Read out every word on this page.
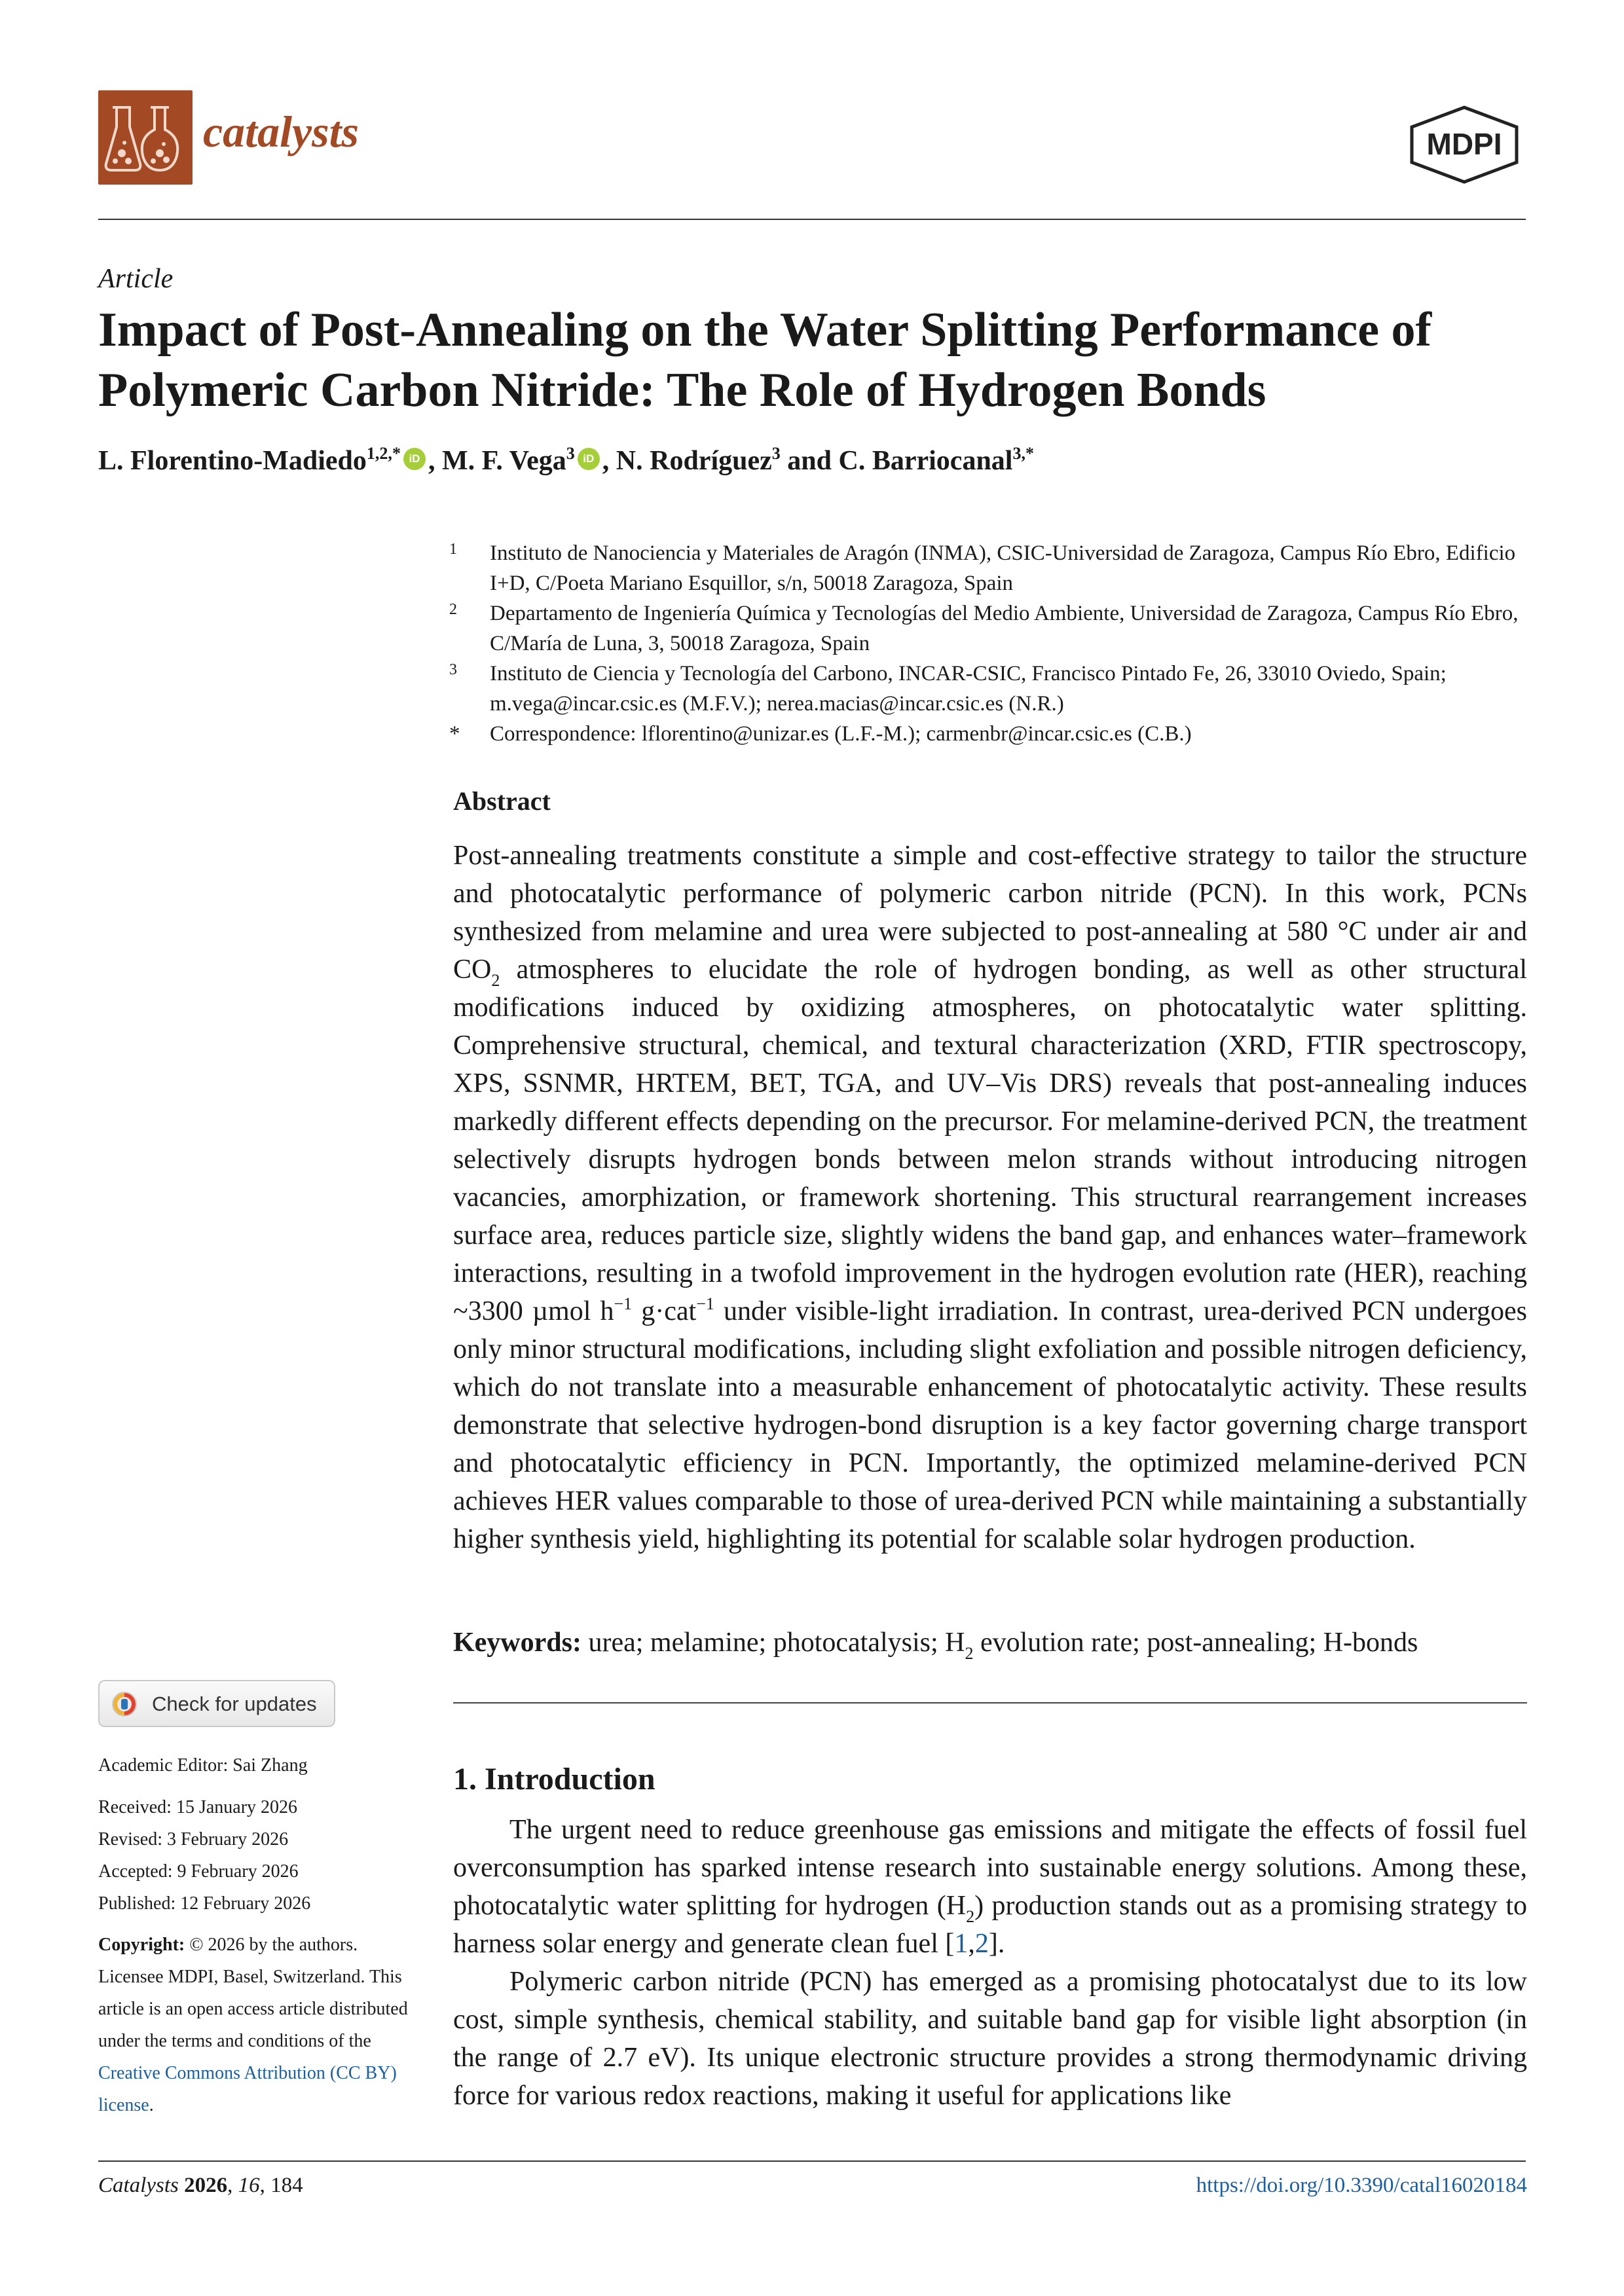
catalysts	MDPI
Article
Impact of Post-Annealing on the Water Splitting Performance of Polymeric Carbon Nitride: The Role of Hydrogen Bonds
L. Florentino-Madiedo$^{1,2,*}$ iD , M. F. Vega$^3$ iD , N. Rodríguez$^3$ and C. Barriocanal$^{3,*}$
1 Instituto de Nanociencia y Materiales de Aragón (INMA), CSIC-Universidad de Zaragoza, Campus Río Ebro, Edificio I+D, C/Poeta Mariano Esquillor, s/n, 50018 Zaragoza, Spain
2 Departamento de Ingeniería Química y Tecnologías del Medio Ambiente, Universidad de Zaragoza, Campus Río Ebro, C/María de Luna, 3, 50018 Zaragoza, Spain
3 Instituto de Ciencia y Tecnología del Carbono, INCAR-CSIC, Francisco Pintado Fe, 26, 33010 Oviedo, Spain; m.vega@incar.csic.es (M.F.V.); nerea.macias@incar.csic.es (N.R.)
* Correspondence: lflorentino@unizar.es (L.F.-M.); carmenbr@incar.csic.es (C.B.)
Abstract
Post-annealing treatments constitute a simple and cost-effective strategy to tailor the structure and photocatalytic performance of polymeric carbon nitride (PCN). In this work, PCNs synthesized from melamine and urea were subjected to post-annealing at 580 °C under air and $CO_2$ atmospheres to elucidate the role of hydrogen bonding, as well as other structural modifications induced by oxidizing atmospheres, on photocatalytic water splitting. Comprehensive structural, chemical, and textural characterization (XRD, FTIR spectroscopy, XPS, SSNMR, HRTEM, BET, TGA, and UV–Vis DRS) reveals that post-annealing induces markedly different effects depending on the precursor. For melamine-derived PCN, the treatment selectively disrupts hydrogen bonds between melon strands without introducing nitrogen vacancies, amorphization, or framework shortening. This structural rearrangement increases surface area, reduces particle size, slightly widens the band gap, and enhances water–framework interactions, resulting in a twofold improvement in the hydrogen evolution rate (HER), reaching ~3300 µmol $h^{-1}$ g·cat$^{-1}$ under visible-light irradiation. In contrast, urea-derived PCN undergoes only minor structural modifications, including slight exfoliation and possible nitrogen deficiency, which do not translate into a measurable enhancement of photocatalytic activity. These results demonstrate that selective hydrogen-bond disruption is a key factor governing charge transport and photocatalytic efficiency in PCN. Importantly, the optimized melamine-derived PCN achieves HER values comparable to those of urea-derived PCN while maintaining a substantially higher synthesis yield, highlighting its potential for scalable solar hydrogen production.
Keywords: urea; melamine; photocatalysis; $H_2$ evolution rate; post-annealing; H-bonds
Check for updates
Academic Editor: Sai Zhang
Received: 15 January 2026
Revised: 3 February 2026
Accepted: 9 February 2026
Published: 12 February 2026
Copyright: © 2026 by the authors. Licensee MDPI, Basel, Switzerland. This article is an open access article distributed under the terms and conditions of the Creative Commons Attribution (CC BY) license.
1. Introduction

The urgent need to reduce greenhouse gas emissions and mitigate the effects of fossil fuel overconsumption has sparked intense research into sustainable energy solutions. Among these, photocatalytic water splitting for hydrogen $(H_2)$ production stands out as a promising strategy to harness solar energy and generate clean fuel [1,2].

Polymeric carbon nitride (PCN) has emerged as a promising photocatalyst due to its low cost, simple synthesis, chemical stability, and suitable band gap for visible light absorption (in the range of 2.7 eV). Its unique electronic structure provides a strong thermodynamic driving force for various redox reactions, making it useful for applications like

Catalysts 2026, 16, 184	https://doi.org/10.3390/catal16020184
